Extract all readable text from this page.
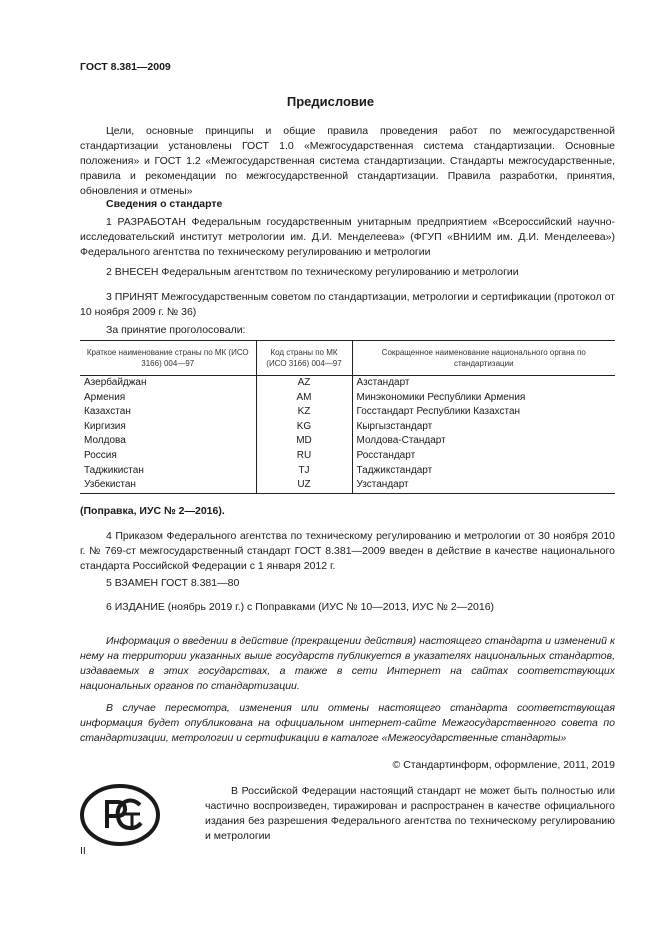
ГОСТ 8.381—2009
Предисловие
Цели, основные принципы и общие правила проведения работ по межгосударственной стандартизации установлены ГОСТ 1.0 «Межгосударственная система стандартизации. Основные положения» и ГОСТ 1.2 «Межгосударственная система стандартизации. Стандарты межгосударственные, правила и рекомендации по межгосударственной стандартизации. Правила разработки, принятия, обновления и отмены»
Сведения о стандарте
1 РАЗРАБОТАН Федеральным государственным унитарным предприятием «Всероссийский научно-исследовательский институт метрологии им. Д.И. Менделеева» (ФГУП «ВНИИМ им. Д.И. Менделеева») Федерального агентства по техническому регулированию и метрологии
2 ВНЕСЕН Федеральным агентством по техническому регулированию и метрологии
3 ПРИНЯТ Межгосударственным советом по стандартизации, метрологии и сертификации (протокол от 10 ноября 2009 г. № 36)
За принятие проголосовали:
Краткое наименование страны по МК (ИСО 3166) 004—97	Код страны по МК (ИСО 3166) 004—97	Сокращенное наименование национального органа по стандартизации
Азербайджан	AZ	Азстандарт
Армения	AM	Минэкономики Республики Армения
Казахстан	KZ	Госстандарт Республики Казахстан
Киргизия	KG	Кыргызстандарт
Молдова	MD	Молдова-Стандарт
Россия	RU	Росстандарт
Таджикистан	TJ	Таджикстандарт
Узбекистан	UZ	Узстандарт
(Поправка, ИУС № 2—2016).
4 Приказом Федерального агентства по техническому регулированию и метрологии от 30 ноября 2010 г. № 769-ст межгосударственный стандарт ГОСТ 8.381—2009 введен в действие в качестве национального стандарта Российской Федерации с 1 января 2012 г.
5 ВЗАМЕН ГОСТ 8.381—80
6 ИЗДАНИЕ (ноябрь 2019 г.) с Поправками (ИУС № 10—2013, ИУС № 2—2016)
Информация о введении в действие (прекращении действия) настоящего стандарта и изменений к нему на территории указанных выше государств публикуется в указателях национальных стандартов, издаваемых в этих государствах, а также в сети Интернет на сайтах соответствующих национальных органов по стандартизации.
В случае пересмотра, изменения или отмены настоящего стандарта соответствующая информация будет опубликована на официальном интернет-сайте Межгосударственного совета по стандартизации, метрологии и сертификации в каталоге «Межгосударственные стандарты»
© Стандартинформ, оформление, 2011, 2019
В Российской Федерации настоящий стандарт не может быть полностью или частично воспроизведен, тиражирован и распространен в качестве официального издания без разрешения Федерального агентства по техническому регулированию и метрологии
II
